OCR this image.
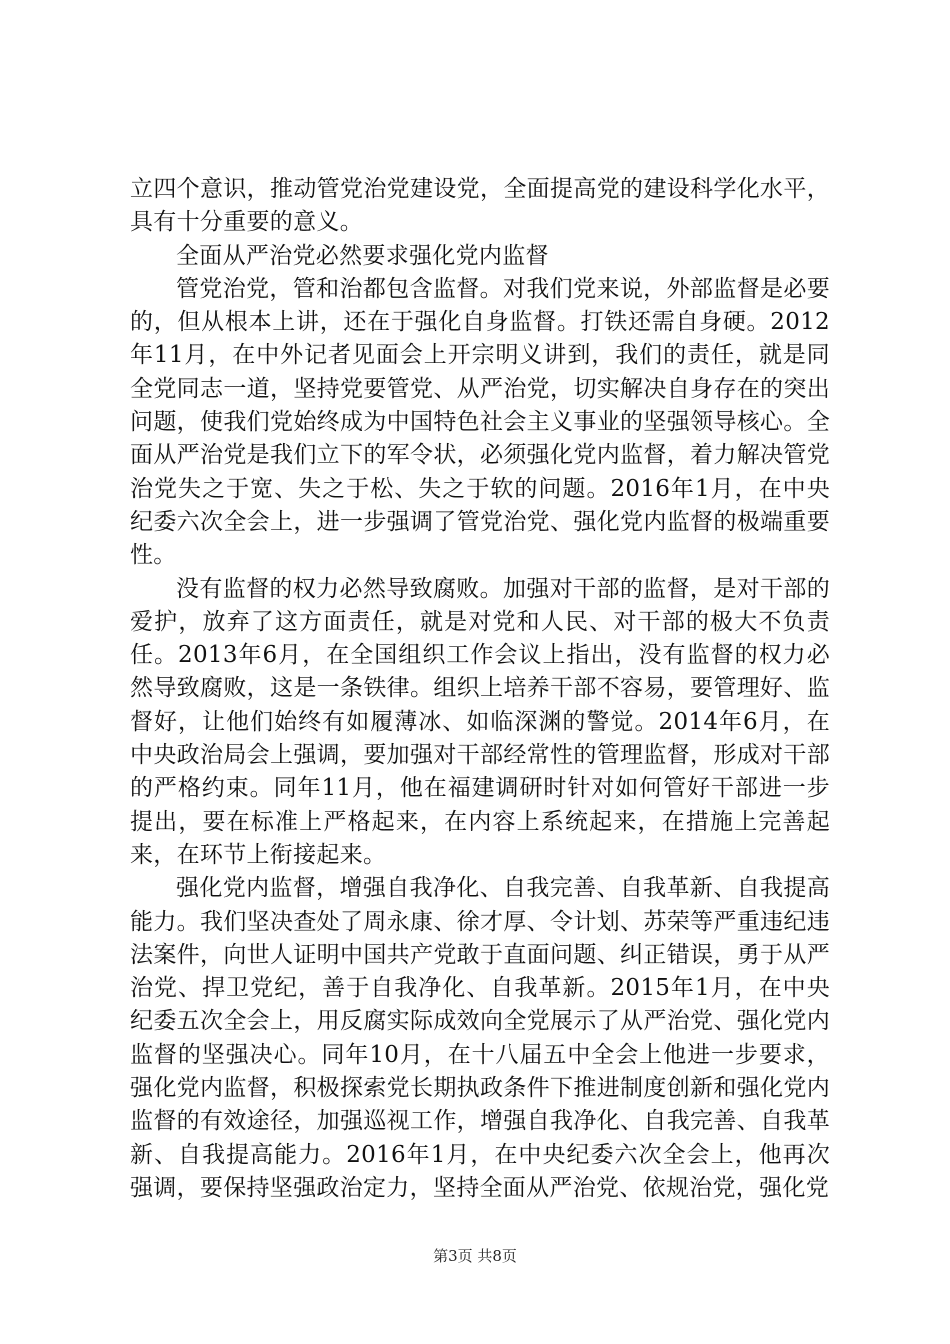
立四个意识，推动管党治党建设党，全面提高党的建设科学化水平，具有十分重要的意义。

全面从严治党必然要求强化党内监督

管党治党，管和治都包含监督。对我们党来说，外部监督是必要的，但从根本上讲，还在于强化自身监督。打铁还需自身硬。2012年11月，在中外记者见面会上开宗明义讲到，我们的责任，就是同全党同志一道，坚持党要管党、从严治党，切实解决自身存在的突出问题，使我们党始终成为中国特色社会主义事业的坚强领导核心。全面从严治党是我们立下的军令状，必须强化党内监督，着力解决管党治党失之于宽、失之于松、失之于软的问题。2016年1月，在中央纪委六次全会上，进一步强调了管党治党、强化党内监督的极端重要性。

没有监督的权力必然导致腐败。加强对干部的监督，是对干部的爱护，放弃了这方面责任，就是对党和人民、对干部的极大不负责任。2013年6月，在全国组织工作会议上指出，没有监督的权力必然导致腐败，这是一条铁律。组织上培养干部不容易，要管理好、监督好，让他们始终有如履薄冰、如临深渊的警觉。2014年6月，在中央政治局会上强调，要加强对干部经常性的管理监督，形成对干部的严格约束。同年11月，他在福建调研时针对如何管好干部进一步提出，要在标准上严格起来，在内容上系统起来，在措施上完善起来，在环节上衔接起来。

强化党内监督，增强自我净化、自我完善、自我革新、自我提高能力。我们坚决查处了周永康、徐才厚、令计划、苏荣等严重违纪违法案件，向世人证明中国共产党敢于直面问题、纠正错误，勇于从严治党、捍卫党纪，善于自我净化、自我革新。2015年1月，在中央纪委五次全会上，用反腐实际成效向全党展示了从严治党、强化党内监督的坚强决心。同年10月，在十八届五中全会上他进一步要求，强化党内监督，积极探索党长期执政条件下推进制度创新和强化党内监督的有效途径，加强巡视工作，增强自我净化、自我完善、自我革新、自我提高能力。2016年1月，在中央纪委六次全会上，他再次强调，要保持坚强政治定力，坚持全面从严治党、依规治党，强化党

第3页 共8页
